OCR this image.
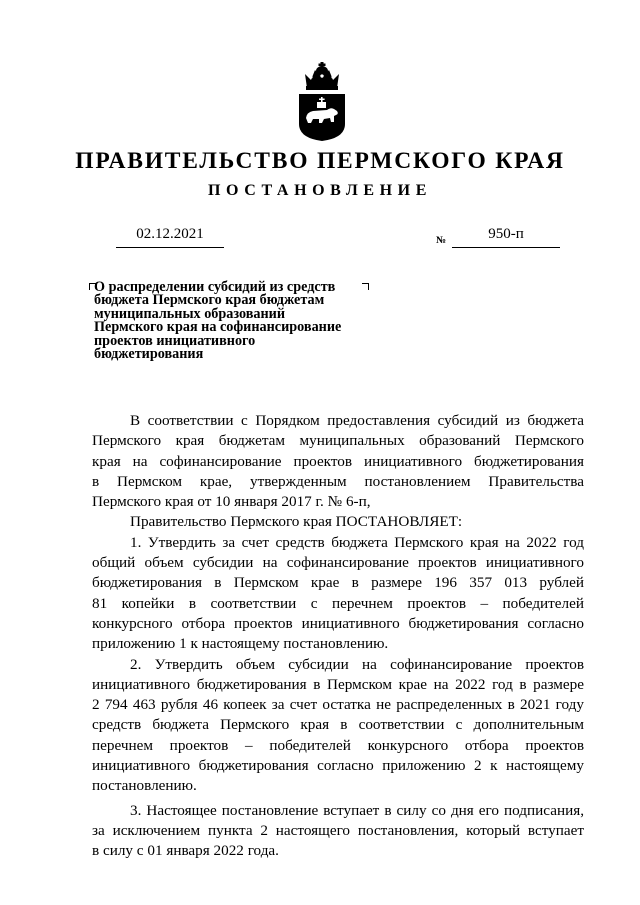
ПРАВИТЕЛЬСТВО ПЕРМСКОГО КРАЯ
ПОСТАНОВЛЕНИЕ
02.12.2021	№	950-п
О распределении субсидий из средств
бюджета Пермского края бюджетам
муниципальных образований
Пермского края на софинансирование
проектов инициативного
бюджетирования
В соответствии с Порядком предоставления субсидий из бюджета
Пермского края бюджетам муниципальных образований Пермского
края на софинансирование проектов инициативного бюджетирования
в Пермском крае, утвержденным постановлением Правительства
Пермского края от 10 января 2017 г. № 6-п,
Правительство Пермского края ПОСТАНОВЛЯЕТ:
1. Утвердить за счет средств бюджета Пермского края на 2022 год
общий объем субсидии на софинансирование проектов инициативного
бюджетирования в Пермском крае в размере 196 357 013 рублей
81 копейки в соответствии с перечнем проектов – победителей
конкурсного отбора проектов инициативного бюджетирования согласно
приложению 1 к настоящему постановлению.
2. Утвердить объем субсидии на софинансирование проектов
инициативного бюджетирования в Пермском крае на 2022 год в размере
2 794 463 рубля 46 копеек за счет остатка не распределенных в 2021 году
средств бюджета Пермского края в соответствии с дополнительным
перечнем проектов – победителей конкурсного отбора проектов
инициативного бюджетирования согласно приложению 2 к настоящему
постановлению.
3. Настоящее постановление вступает в силу со дня его подписания,
за исключением пункта 2 настоящего постановления, который вступает
в силу с 01 января 2022 года.
